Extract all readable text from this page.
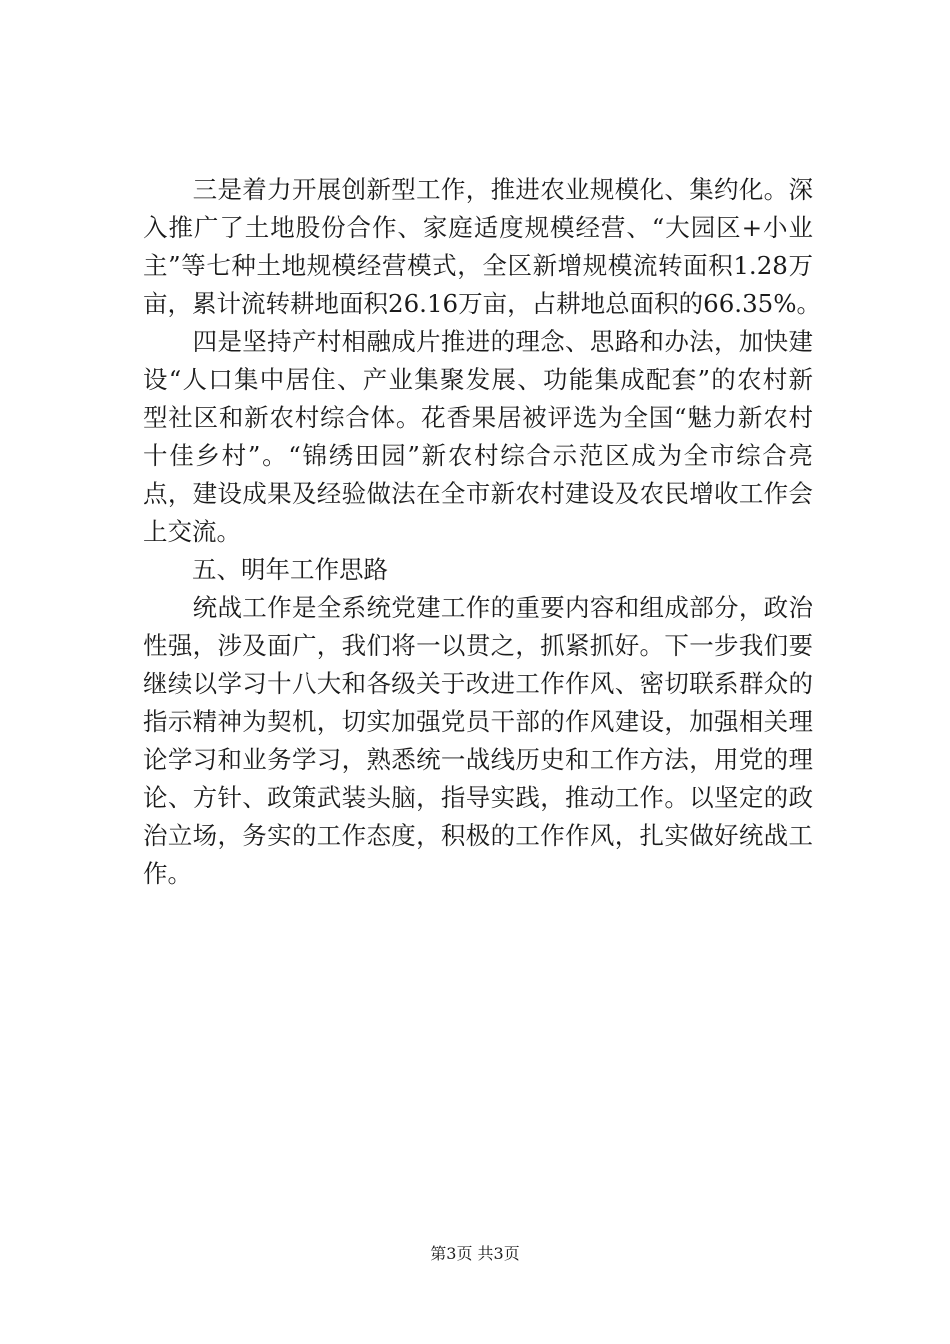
　　三是着力开展创新型工作，推进农业规模化、集约化。深
入推广了土地股份合作、家庭适度规模经营、“大园区+小业
主”等七种土地规模经营模式，全区新增规模流转面积1.28万
亩，累计流转耕地面积26.16万亩，占耕地总面积的66.35%。
　　四是坚持产村相融成片推进的理念、思路和办法，加快建
设“人口集中居住、产业集聚发展、功能集成配套”的农村新
型社区和新农村综合体。花香果居被评选为全国“魅力新农村
十佳乡村”。“锦绣田园”新农村综合示范区成为全市综合亮
点，建设成果及经验做法在全市新农村建设及农民增收工作会
上交流。
　　五、明年工作思路
　　统战工作是全系统党建工作的重要内容和组成部分，政治
性强，涉及面广，我们将一以贯之，抓紧抓好。下一步我们要
继续以学习十八大和各级关于改进工作作风、密切联系群众的
指示精神为契机，切实加强党员干部的作风建设，加强相关理
论学习和业务学习，熟悉统一战线历史和工作方法，用党的理
论、方针、政策武装头脑，指导实践，推动工作。以坚定的政
治立场，务实的工作态度，积极的工作作风，扎实做好统战工
作。
第3页 共3页
